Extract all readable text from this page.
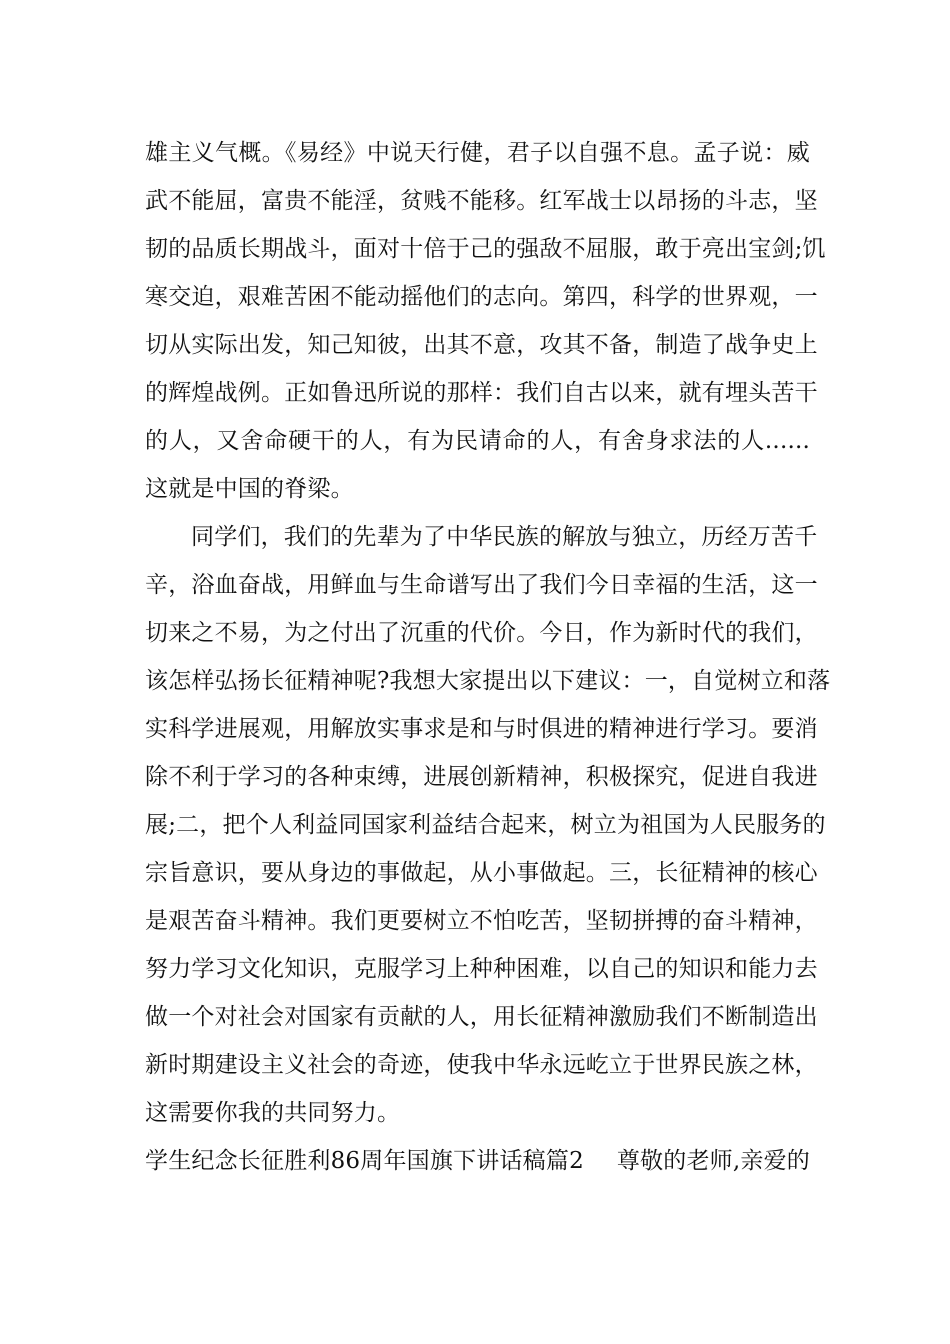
雄主义气概。《易经》中说天行健，君子以自强不息。孟子说：威
武不能屈，富贵不能淫，贫贱不能移。红军战士以昂扬的斗志，坚
韧的品质长期战斗，面对十倍于己的强敌不屈服，敢于亮出宝剑;饥
寒交迫，艰难苦困不能动摇他们的志向。第四，科学的世界观，一
切从实际出发，知己知彼，出其不意，攻其不备，制造了战争史上
的辉煌战例。正如鲁迅所说的那样：我们自古以来，就有埋头苦干
的人，又舍命硬干的人，有为民请命的人，有舍身求法的人......
这就是中国的脊梁。
同学们，我们的先辈为了中华民族的解放与独立，历经万苦千
辛，浴血奋战，用鲜血与生命谱写出了我们今日幸福的生活，这一
切来之不易，为之付出了沉重的代价。今日，作为新时代的我们，
该怎样弘扬长征精神呢?我想大家提出以下建议：一，自觉树立和落
实科学进展观，用解放实事求是和与时俱进的精神进行学习。要消
除不利于学习的各种束缚，进展创新精神，积极探究，促进自我进
展;二，把个人利益同国家利益结合起来，树立为祖国为人民服务的
宗旨意识，要从身边的事做起，从小事做起。三，长征精神的核心
是艰苦奋斗精神。我们更要树立不怕吃苦，坚韧拼搏的奋斗精神，
努力学习文化知识，克服学习上种种困难，以自己的知识和能力去
做一个对社会对国家有贡献的人，用长征精神激励我们不断制造出
新时期建设主义社会的奇迹，使我中华永远屹立于世界民族之林，
这需要你我的共同努力。
学生纪念长征胜利86周年国旗下讲话稿篇2	尊敬的老师,亲爱的
